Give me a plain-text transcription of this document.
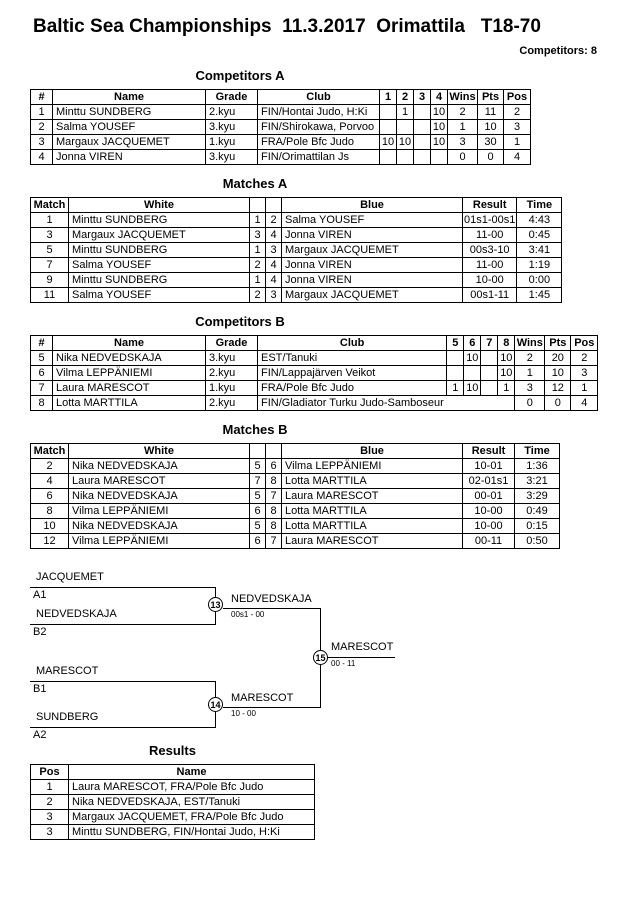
Baltic Sea Championships  11.3.2017  Orimattila   T18-70
Competitors: 8
Competitors A
#	Name	Grade	Club	1	2	3	4	Wins	Pts	Pos
1	Minttu SUNDBERG	2.kyu	FIN/Hontai Judo, H:Ki		1		10	2	11	2
2	Salma YOUSEF	3.kyu	FIN/Shirokawa, Porvoo				10	1	10	3
3	Margaux JACQUEMET	1.kyu	FRA/Pole Bfc Judo	10	10		10	3	30	1
4	Jonna VIREN	3.kyu	FIN/Orimattilan Js					0	0	4
Matches A
Match	White			Blue	Result	Time
1	Minttu SUNDBERG	1	2	Salma YOUSEF	01s1-00s1	4:43
3	Margaux JACQUEMET	3	4	Jonna VIREN	11-00	0:45
5	Minttu SUNDBERG	1	3	Margaux JACQUEMET	00s3-10	3:41
7	Salma YOUSEF	2	4	Jonna VIREN	11-00	1:19
9	Minttu SUNDBERG	1	4	Jonna VIREN	10-00	0:00
11	Salma YOUSEF	2	3	Margaux JACQUEMET	00s1-11	1:45
Competitors B
#	Name	Grade	Club	5	6	7	8	Wins	Pts	Pos
5	Nika NEDVEDSKAJA	3.kyu	EST/Tanuki		10		10	2	20	2
6	Vilma LEPPÄNIEMI	2.kyu	FIN/Lappajärven Veikot				10	1	10	3
7	Laura MARESCOT	1.kyu	FRA/Pole Bfc Judo	1	10		1	3	12	1
8	Lotta MARTTILA	2.kyu	FIN/Gladiator Turku Judo-Samboseur					0	0	4
Matches B
Match	White			Blue	Result	Time
2	Nika NEDVEDSKAJA	5	6	Vilma LEPPÄNIEMI	10-01	1:36
4	Laura MARESCOT	7	8	Lotta MARTTILA	02-01s1	3:21
6	Nika NEDVEDSKAJA	5	7	Laura MARESCOT	00-01	3:29
8	Vilma LEPPÄNIEMI	6	8	Lotta MARTTILA	10-00	0:49
10	Nika NEDVEDSKAJA	5	8	Lotta MARTTILA	10-00	0:15
12	Vilma LEPPÄNIEMI	6	7	Laura MARESCOT	00-11	0:50
JACQUEMET
A1
NEDVEDSKAJA
B2
13 NEDVEDSKAJA
00s1 - 00
MARESCOT
B1
SUNDBERG
A2
14
MARESCOT
10 - 00
15
MARESCOT
00 - 11
Results
Pos	Name
1	Laura MARESCOT, FRA/Pole Bfc Judo
2	Nika NEDVEDSKAJA, EST/Tanuki
3	Margaux JACQUEMET, FRA/Pole Bfc Judo
3	Minttu SUNDBERG, FIN/Hontai Judo, H:Ki
